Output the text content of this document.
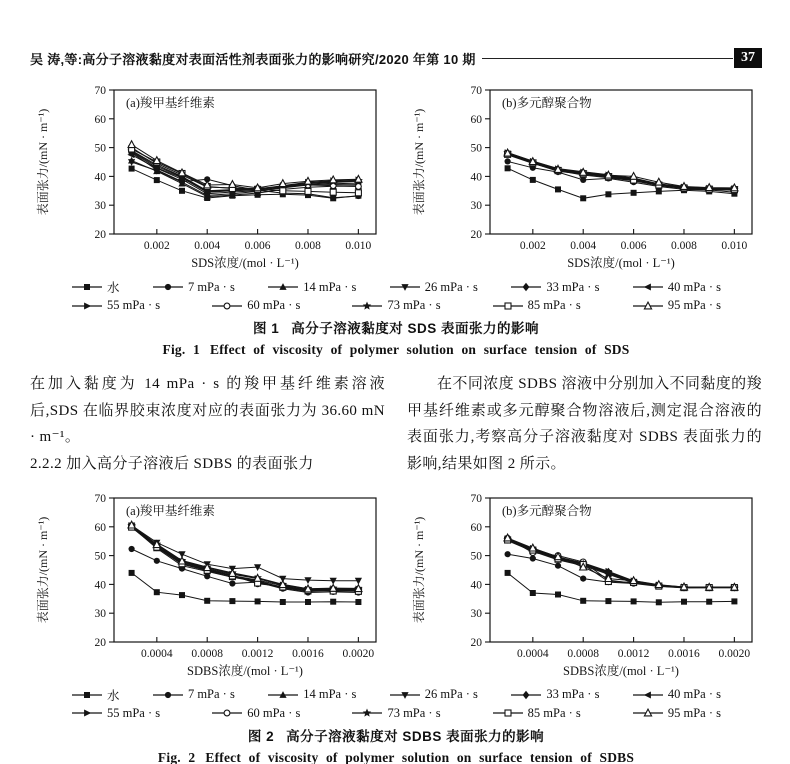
吴 涛,等:高分子溶液黏度对表面活性剂表面张力的影响研究/2020 年第 10 期	37
20
30
40
50
60
70
0.002 0.004 0.006 0.008 0.010
SDS浓度/(mol · L⁻¹)
表面张力/(mN · m⁻¹)
(a)羧甲基纤维素
20
30
40
50
60
70
0.002 0.004 0.006 0.008 0.010
SDS浓度/(mol · L⁻¹)
表面张力/(mN · m⁻¹)
(b)多元醇聚合物
水	7 mPa · s	14 mPa · s	26 mPa · s	33 mPa · s	40 mPa · s
55 mPa · s	60 mPa · s	73 mPa · s	85 mPa · s	95 mPa · s
图 1 高分子溶液黏度对 SDS 表面张力的影响
Fig. 1 Effect of viscosity of polymer solution on surface tension of SDS

在加入黏度为 14 mPa · s 的羧甲基纤维素溶液后,SDS 在临界胶束浓度对应的表面张力为 36.60 mN · m⁻¹。

2.2.2 加入高分子溶液后 SDBS 的表面张力

在不同浓度 SDBS 溶液中分别加入不同黏度的羧甲基纤维素或多元醇聚合物溶液后,测定混合溶液的表面张力,考察高分子溶液黏度对 SDBS 表面张力的影响,结果如图 2 所示。

20
30
40
50
60
70
0.0004 0.0008 0.0012 0.0016 0.0020
SDBS浓度/(mol · L⁻¹)
表面张力/(mN · m⁻¹)
(a)羧甲基纤维素
20
30
40
50
60
70
0.0004 0.0008 0.0012 0.0016 0.0020
SDBS浓度/(mol · L⁻¹)
表面张力/(mN · m⁻¹)
(b)多元醇聚合物
水	7 mPa · s	14 mPa · s	26 mPa · s	33 mPa · s	40 mPa · s
55 mPa · s	60 mPa · s	73 mPa · s	85 mPa · s	95 mPa · s
图 2 高分子溶液黏度对 SDBS 表面张力的影响
Fig. 2 Effect of viscosity of polymer solution on surface tension of SDBS
